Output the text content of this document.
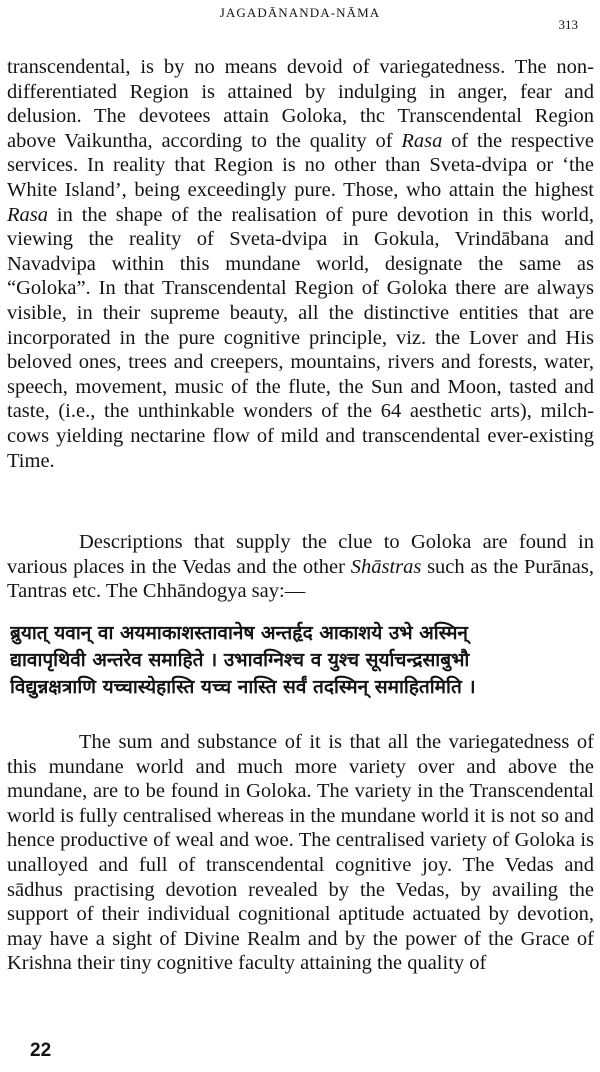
JAGADĀNANDA-NĀMA
313

transcendental, is by no means devoid of variegatedness. The non-differentiated Region is attained by indulging in anger, fear and delusion. The devotees attain Goloka, thc Transcendental Region above Vaikuntha, according to the quality of Rasa of the respective services. In reality that Region is no other than Sveta-dvipa or ‘the White Island’, being exceedingly pure. Those, who attain the highest Rasa in the shape of the realisation of pure devotion in this world, viewing the reality of Sveta-dvipa in Gokula, Vrindābana and Navadvipa within this mundane world, designate the same as “Goloka”. In that Transcendental Region of Goloka there are always visible, in their supreme beauty, all the distinctive entities that are incorporated in the pure cognitive principle, viz. the Lover and His beloved ones, trees and creepers, mountains, rivers and forests, water, speech, movement, music of the flute, the Sun and Moon, tasted and taste, (i.e., the unthinkable wonders of the 64 aesthetic arts), milch-cows yielding nectarine flow of mild and transcendental ever-existing Time.

Descriptions that supply the clue to Goloka are found in various places in the Vedas and the other Shāstras such as the Purānas, Tantras etc. The Chhāndogya say:—

ब्रुयात् यवान् वा अयमाकाशस्तावानेष अन्तर्हृद आकाशये उभे अस्मिन्
द्यावापृथिवी अन्तरेव समाहिते । उभावग्निश्च व युश्च सूर्याचन्द्रसाबुभौ
विद्युन्नक्षत्राणि यच्चास्येहास्ति यच्च नास्ति सर्वं तदस्मिन् समाहितमिति ।

The sum and substance of it is that all the variegatedness of this mundane world and much more variety over and above the mundane, are to be found in Goloka. The variety in the Transcendental world is fully centralised whereas in the mundane world it is not so and hence productive of weal and woe. The centralised variety of Goloka is unalloyed and full of transcendental cognitive joy. The Vedas and sādhus practising devotion revealed by the Vedas, by availing the support of their individual cognitional aptitude actuated by devotion, may have a sight of Divine Realm and by the power of the Grace of Krishna their tiny cognitive faculty attaining the quality of

22
